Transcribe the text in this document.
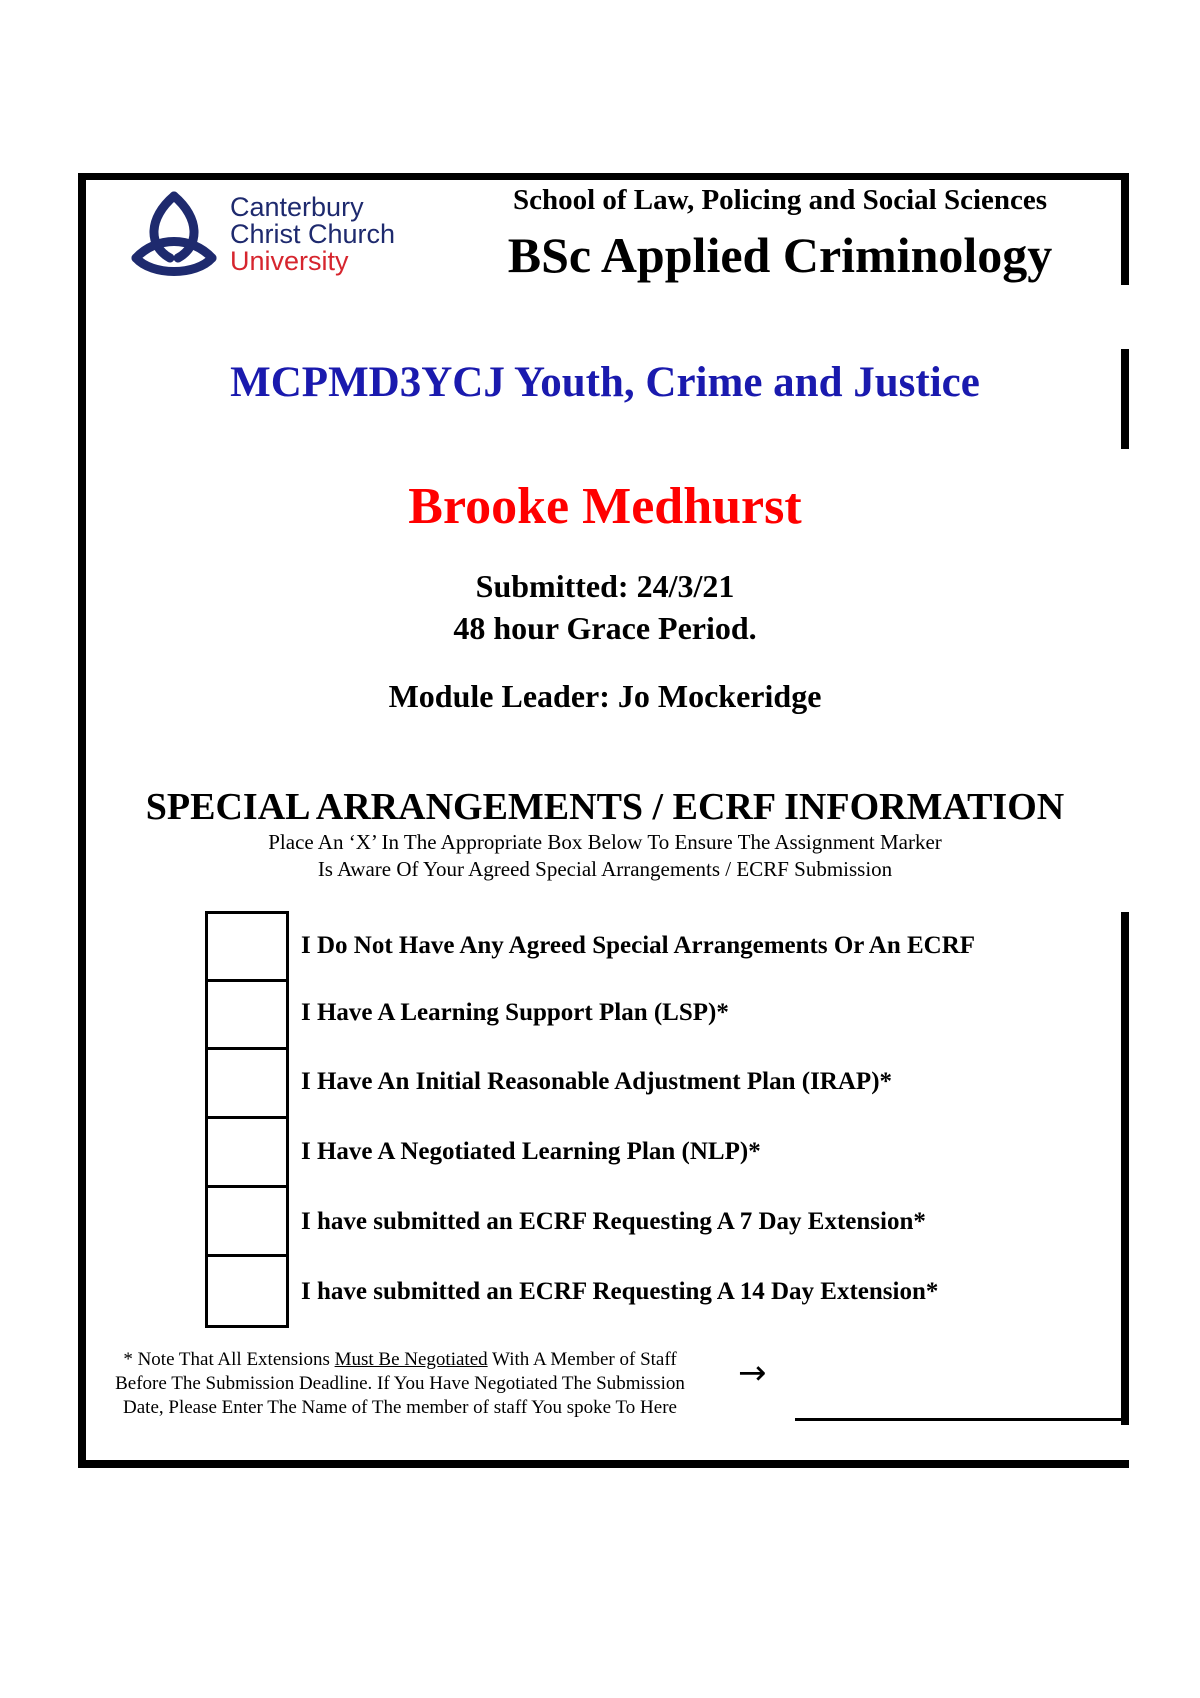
Canterbury
Christ Church
University
School of Law, Policing and Social Sciences
BSc Applied Criminology
MCPMD3YCJ Youth, Crime and Justice
Brooke Medhurst
Submitted: 24/3/21
48 hour Grace Period.
Module Leader: Jo Mockeridge
SPECIAL ARRANGEMENTS / ECRF INFORMATION
Place An ‘X’ In The Appropriate Box Below To Ensure The Assignment Marker
Is Aware Of Your Agreed Special Arrangements / ECRF Submission
I Do Not Have Any Agreed Special Arrangements Or An ECRF
I Have A Learning Support Plan (LSP)*
I Have An Initial Reasonable Adjustment Plan (IRAP)*
I Have A Negotiated Learning Plan (NLP)*
I have submitted an ECRF Requesting A 7 Day Extension*
I have submitted an ECRF Requesting A 14 Day Extension*
* Note That All Extensions Must Be Negotiated With A Member of Staff
Before The Submission Deadline. If You Have Negotiated The Submission
Date, Please Enter The Name of The member of staff You spoke To Here
→
